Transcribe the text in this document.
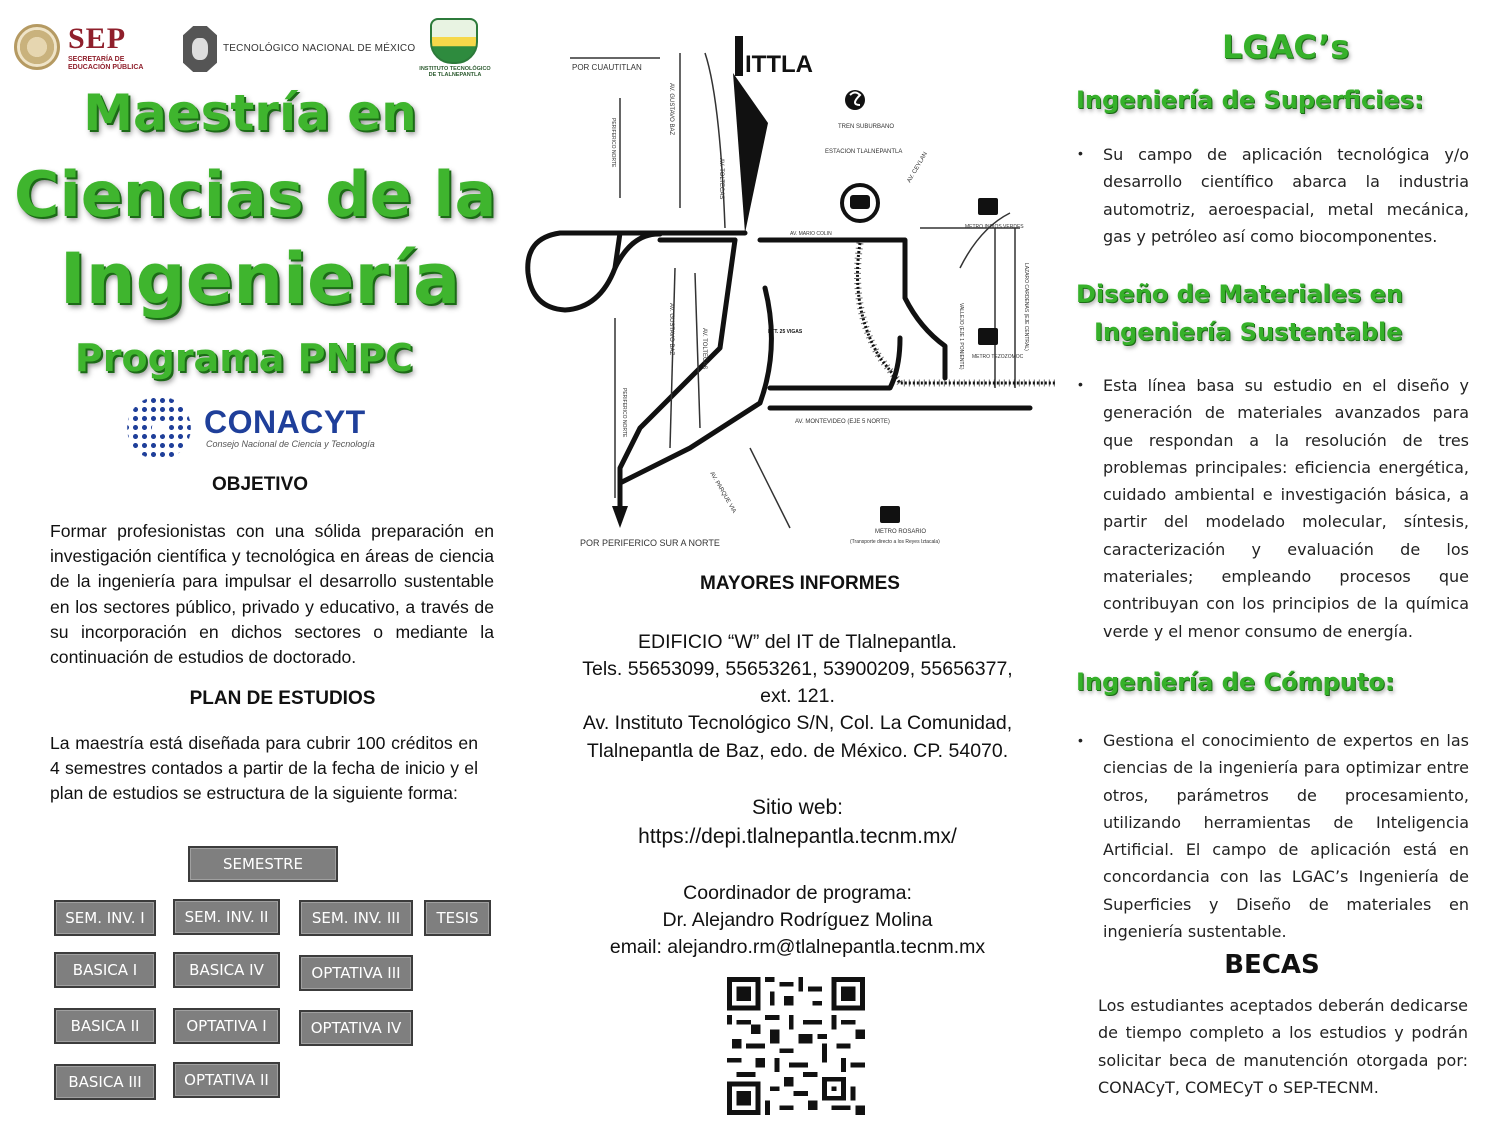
SEP
SECRETARÍA DE EDUCACIÓN PÚBLICA
TECNOLÓGICO NACIONAL DE MÉXICO
INSTITUTO TECNOLÓGICO DE TLALNEPANTLA
Maestría en
Ciencias de la
Ingeniería
Programa PNPC
CONACYT
Consejo Nacional de Ciencia y Tecnología
OBJETIVO
Formar profesionistas con una sólida preparación en investigación científica y tecnológica en áreas de ciencia de la ingeniería para impulsar el desarrollo sustentable en los sectores público, privado y educativo, a través de su incorporación en dichos sectores o mediante la continuación de estudios de doctorado.
PLAN DE ESTUDIOS
La maestría está diseñada para cubrir 100 créditos en 4 semestres contados a partir de la fecha de inicio y el plan de estudios se estructura de la siguiente forma:
SEMESTRE
SEM. INV. I
BASICA I
BASICA II
BASICA III
SEM. INV. II
BASICA IV
OPTATIVA I
OPTATIVA II
SEM. INV. III
OPTATIVA III
OPTATIVA IV
TESIS
POR CUAUTITLAN	ITTLA
TREN SUBURBANO
ESTACION TLALNEPANTLA
METRO INDIOS VERDES
METRO TEZOZOMOC
METRO ROSARIO
(Transporte directo a los Reyes Iztacala)
POR PERIFERICO SUR A NORTE
AV. MONTEVIDEO (EJE 5 NORTE)
AV. MARIO COLIN
PTT. 25 VIGAS
AV. GUSTAVO BAZ
AV. GUSTAVO BAZ
AV. TOLTECAS
AV. TOLTECAS
AV. CEYLAN
AV. PARQUE VIA
PERIFERICO NORTE
PERIFERICO NORTE
VALLEJO (EJE 1 PONIENTE)	LAZARO CARDENAS (EJE CENTRAL)
MAYORES INFORMES
EDIFICIO “W” del IT de Tlalnepantla.
Tels. 55653099, 55653261, 53900209, 55656377,
ext. 121.
Av. Instituto Tecnológico S/N, Col. La Comunidad,
Tlalnepantla de Baz, edo. de México. CP. 54070.
Sitio web:
https://depi.tlalnepantla.tecnm.mx/
Coordinador de programa:
Dr. Alejandro Rodríguez Molina
email: alejandro.rm@tlalnepantla.tecnm.mx
LGAC’s
Ingeniería de Superficies:
• Su campo de aplicación tecnológica y/o desarrollo científico abarca la industria automotriz, aeroespacial, metal mecánica, gas y petróleo así como biocomponentes.
Diseño de Materiales en
Ingeniería Sustentable
• Esta línea basa su estudio en el diseño y generación de materiales avanzados para que respondan a la resolución de tres problemas principales: eficiencia energética, cuidado ambiental e investigación básica, a partir del modelado molecular, síntesis, caracterización y evaluación de los materiales; empleando procesos que contribuyan con los principios de la química verde y el menor consumo de energía.
Ingeniería de Cómputo:
• Gestiona el conocimiento de expertos en las ciencias de la ingeniería para optimizar entre otros, parámetros de procesamiento, utilizando herramientas de Inteligencia Artificial. El campo de aplicación está en concordancia con las LGAC’s Ingeniería de Superficies y Diseño de materiales en ingeniería sustentable.
BECAS
Los estudiantes aceptados deberán dedicarse de tiempo completo a los estudios y podrán solicitar beca de manutención otorgada por: CONACyT, COMECyT o SEP-TECNM.
